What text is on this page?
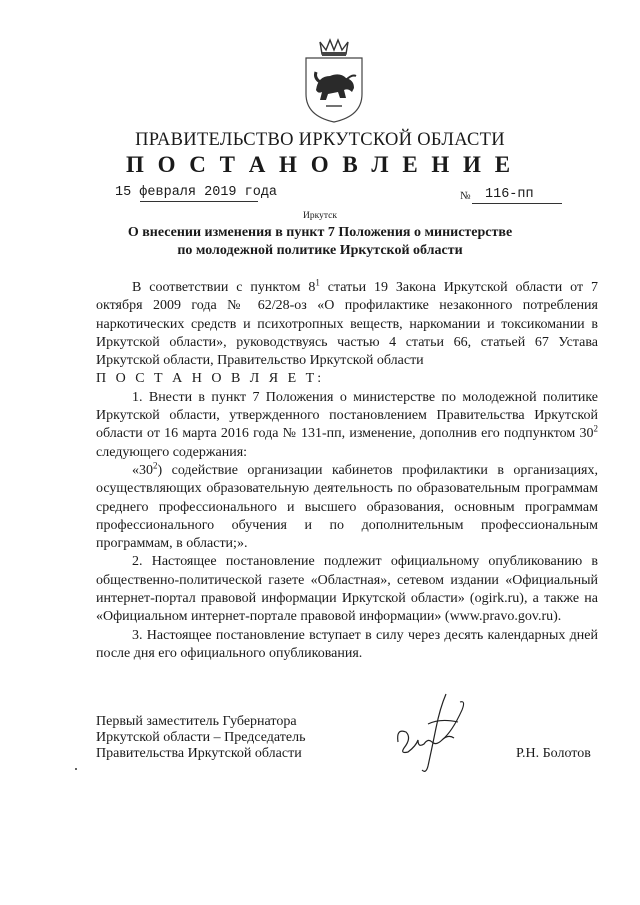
ПРАВИТЕЛЬСТВО ИРКУТСКОЙ ОБЛАСТИ
П О С Т А Н О В Л Е Н И Е
15 февраля 2019 года	№ 116-пп
Иркутск
О внесении изменения в пункт 7 Положения о министерстве
по молодежной политике Иркутской области

В соответствии с пунктом $8^1$ статьи 19 Закона Иркутской области от 7 октября 2009 года № 62/28-оз «О профилактике незаконного потребления наркотических средств и психотропных веществ, наркомании и токсикомании в Иркутской области», руководствуясь частью 4 статьи 66, статьей 67 Устава Иркутской области, Правительство Иркутской области

П О С Т А Н О В Л Я Е Т:

1. Внести в пункт 7 Положения о министерстве по молодежной политике Иркутской области, утвержденного постановлением Правительства Иркутской области от 16 марта 2016 года № 131-пп, изменение, дополнив его подпунктом $30^2$ следующего содержания:

«$30^2$) содействие организации кабинетов профилактики в организациях, осуществляющих образовательную деятельность по образовательным программам среднего профессионального и высшего образования, основным программам профессионального обучения и по дополнительным профессиональным программам, в области;».

2. Настоящее постановление подлежит официальному опубликованию в общественно-политической газете «Областная», сетевом издании «Официальный интернет-портал правовой информации Иркутской области» (ogirk.ru), а также на «Официальном интернет-портале правовой информации» (www.pravo.gov.ru).

3. Настоящее постановление вступает в силу через десять календарных дней после дня его официального опубликования.

Первый заместитель Губернатора
Иркутской области – Председатель
Правительства Иркутской области	Р.Н. Болотов
